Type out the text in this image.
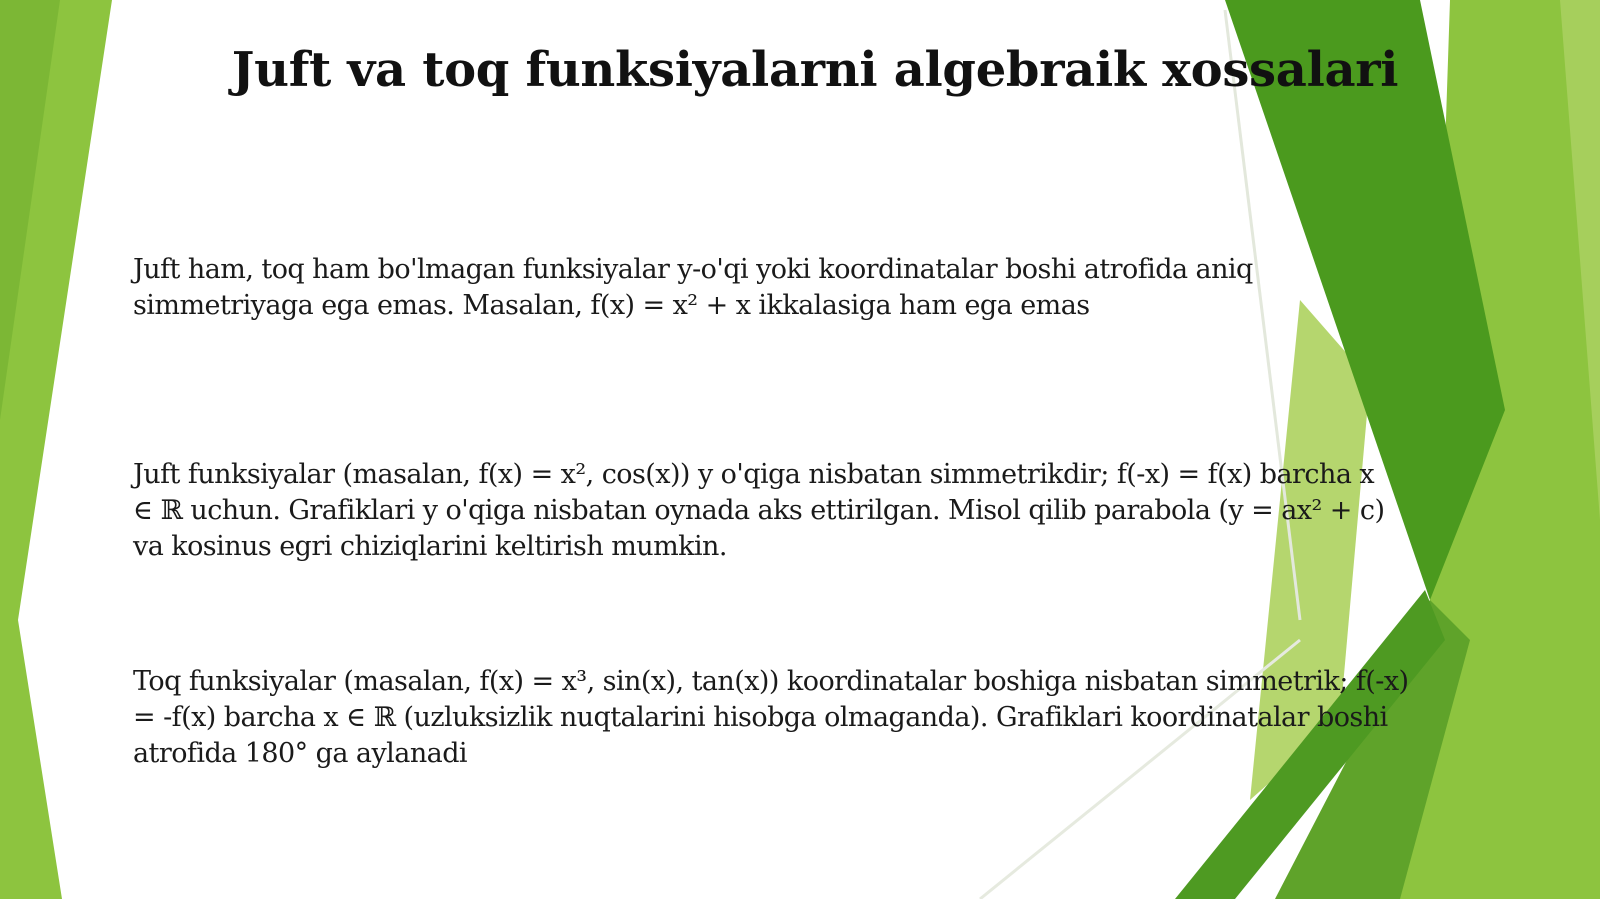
Juft va toq funksiyalarni algebraik xossalari

Juft ham, toq ham bo'lmagan funksiyalar y-o'qi yoki koordinatalar boshi atrofida aniq
simmetriyaga ega emas. Masalan, f(x) = x² + x ikkalasiga ham ega emas

Juft funksiyalar (masalan, f(x) = x², cos(x)) y o'qiga nisbatan simmetrikdir; f(-x) = f(x) barcha x
∈ ℝ uchun. Grafiklari y o'qiga nisbatan oynada aks ettirilgan. Misol qilib parabola (y = ax² + c)
va kosinus egri chiziqlarini keltirish mumkin.

Toq funksiyalar (masalan, f(x) = x³, sin(x), tan(x)) koordinatalar boshiga nisbatan simmetrik; f(-x)
= -f(x) barcha x ∈ ℝ (uzluksizlik nuqtalarini hisobga olmaganda). Grafiklari koordinatalar boshi
atrofida 180° ga aylanadi
